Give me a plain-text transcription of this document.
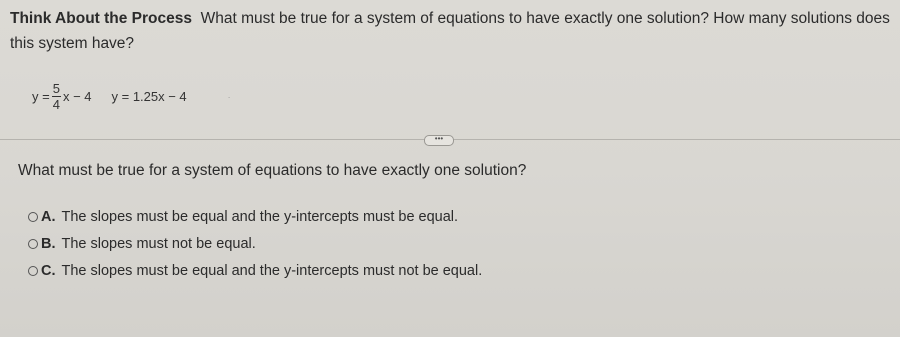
Think About the Process What must be true for a system of equations to have exactly one solution? How many solutions does this system have?
$y = \frac{5}{4}$ x − 4 y = 1.25x − 4	˙
•••
What must be true for a system of equations to have exactly one solution?
A. The slopes must be equal and the y-intercepts must be equal.
B. The slopes must not be equal.
C. The slopes must be equal and the y-intercepts must not be equal.
